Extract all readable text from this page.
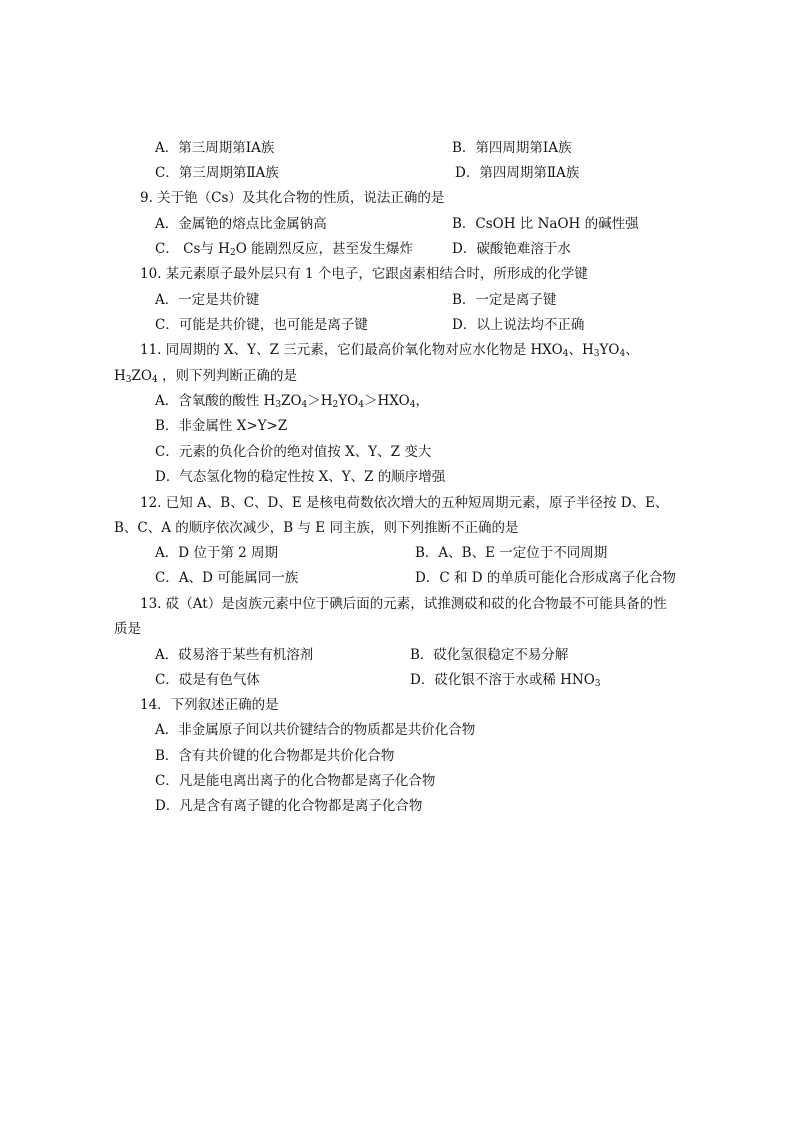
A．第三周期第ⅠA族	B．第四周期第ⅠA族
C．第三周期第ⅡA族	D．第四周期第ⅡA族
9. 关于铯（Cs）及其化合物的性质，说法正确的是
A．金属铯的熔点比金属钠高	B．CsOH 比 NaOH 的碱性强
C． Cs与 $H_2O$ 能剧烈反应，甚至发生爆炸	D．碳酸铯难溶于水
10. 某元素原子最外层只有 1 个电子，它跟卤素相结合时，所形成的化学键
A．一定是共价键	B．一定是离子键
C．可能是共价键，也可能是离子键	D．以上说法均不正确
11. 同周期的 X、Y、Z 三元素，它们最高价氧化物对应水化物是 $HXO_4$、$H_3YO_4$、
$H_3ZO_4$ ，则下列判断正确的是
A．含氧酸的酸性 $H_3ZO_4>H_2YO_4>HXO_4$，
B．非金属性 X>Y>Z
C．元素的负化合价的绝对值按 X、Y、Z 变大
D．气态氢化物的稳定性按 X、Y、Z 的顺序增强
12. 已知 A、B、C、D、E 是核电荷数依次增大的五种短周期元素，原子半径按 D、E、
B、C、A 的顺序依次减少，B 与 E 同主族，则下列推断不正确的是
A．D 位于第 2 周期	B．A、B、E 一定位于不同周期
C．A、D 可能属同一族	D．C 和 D 的单质可能化合形成离子化合物
13. 砹（At）是卤族元素中位于碘后面的元素，试推测砹和砹的化合物最不可能具备的性
质是
A．砹易溶于某些有机溶剂	B．砹化氢很稳定不易分解
C．砹是有色气体	D．砹化银不溶于水或稀 $HNO_3$
14．下列叙述正确的是
A．非金属原子间以共价键结合的物质都是共价化合物
B．含有共价键的化合物都是共价化合物
C．凡是能电离出离子的化合物都是离子化合物
D．凡是含有离子键的化合物都是离子化合物
